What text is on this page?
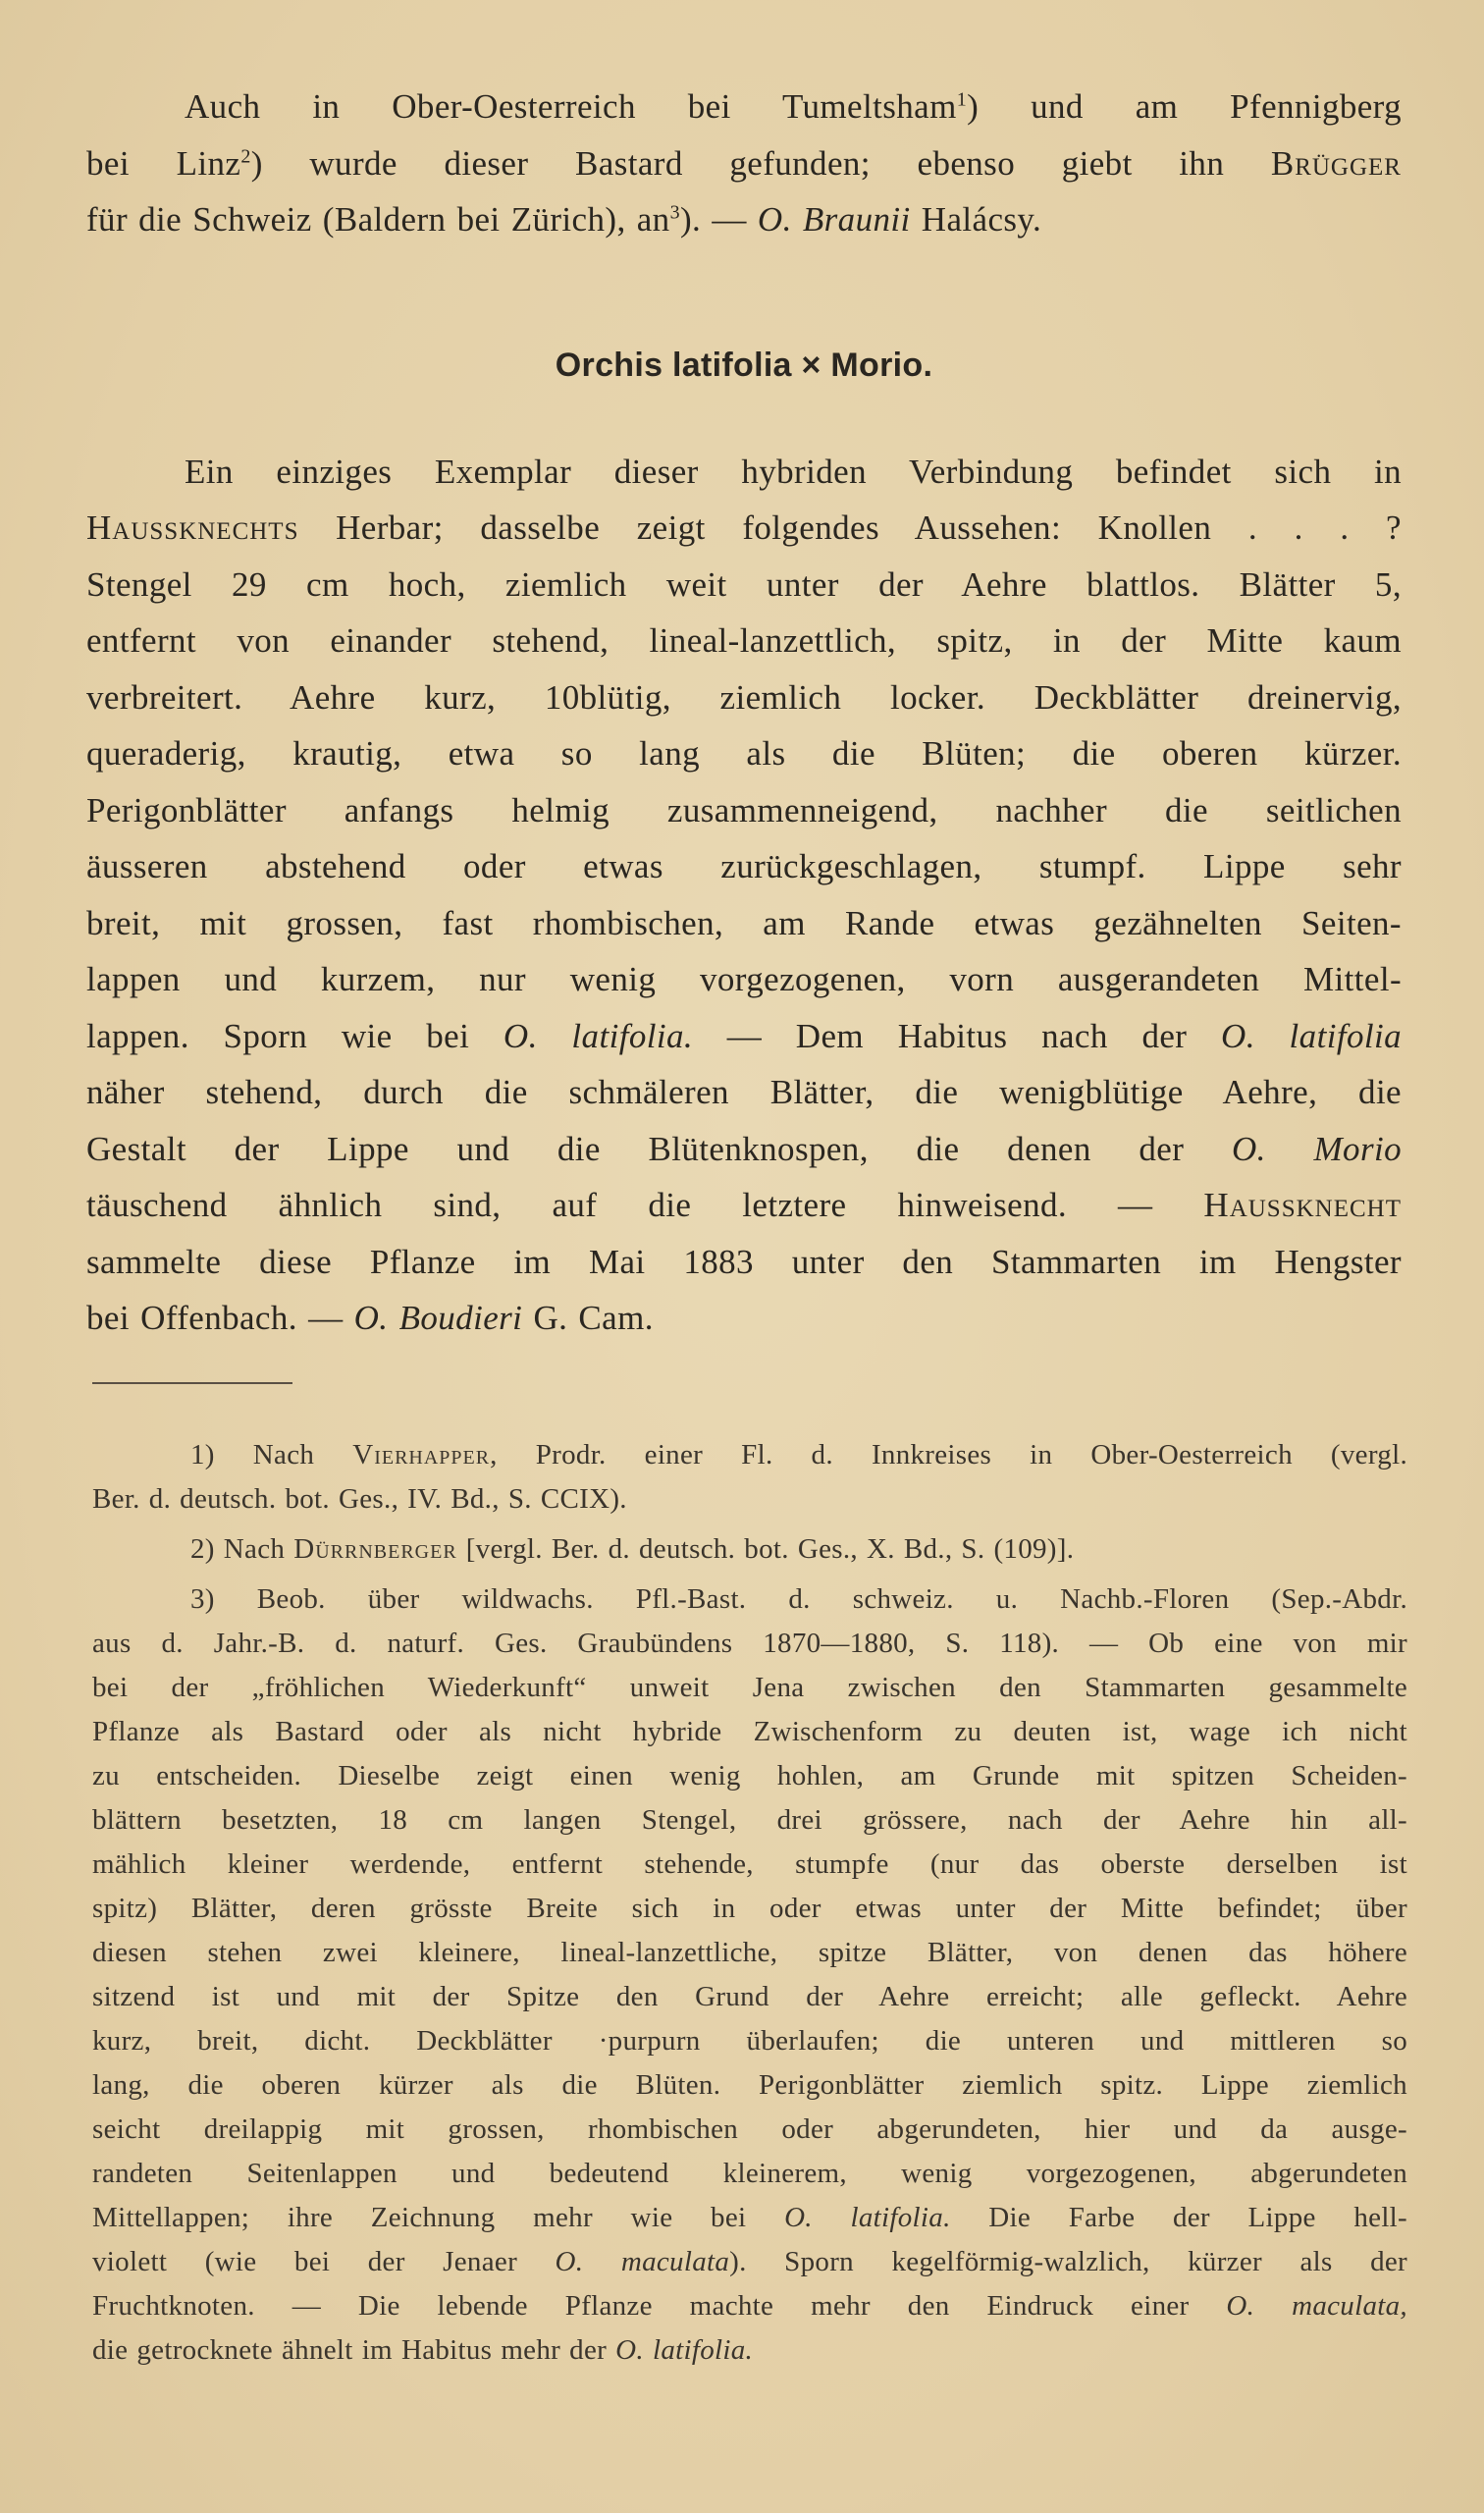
Auch in Ober-Oesterreich bei Tumeltsham$^1$) und am Pfennigberg
bei Linz$^2$) wurde dieser Bastard gefunden; ebenso giebt ihn Brügger
für die Schweiz (Baldern bei Zürich), $an^3$). — O. Braunii Halácsy.

Orchis latifolia × Morio.

Ein einziges Exemplar dieser hybriden Verbindung befindet sich in
Haussknechts Herbar; dasselbe zeigt folgendes Aussehen: Knollen . . . ?
Stengel 29 cm hoch, ziemlich weit unter der Aehre blattlos. Blätter 5,
entfernt von einander stehend, lineal-lanzettlich, spitz, in der Mitte kaum
verbreitert. Aehre kurz, 10blütig, ziemlich locker. Deckblätter dreinervig,
queraderig, krautig, etwa so lang als die Blüten; die oberen kürzer.
Perigonblätter anfangs helmig zusammenneigend, nachher die seitlichen
äusseren abstehend oder etwas zurückgeschlagen, stumpf. Lippe sehr
breit, mit grossen, fast rhombischen, am Rande etwas gezähnelten Seiten-
lappen und kurzem, nur wenig vorgezogenen, vorn ausgerandeten Mittel-
lappen. Sporn wie bei O. latifolia. — Dem Habitus nach der O. latifolia
näher stehend, durch die schmäleren Blätter, die wenigblütige Aehre, die
Gestalt der Lippe und die Blütenknospen, die denen der O. Morio
täuschend ähnlich sind, auf die letztere hinweisend. — Haussknecht
sammelte diese Pflanze im Mai 1883 unter den Stammarten im Hengster
bei Offenbach. — O. Boudieri G. Cam.

1) Nach Vierhapper, Prodr. einer Fl. d. Innkreises in Ober-Oesterreich (vergl.
Ber. d. deutsch. bot. Ges., IV. Bd., S. CCIX).

2) Nach Dürrnberger [vergl. Ber. d. deutsch. bot. Ges., X. Bd., S. (109)].

3) Beob. über wildwachs. Pfl.-Bast. d. schweiz. u. Nachb.-Floren (Sep.-Abdr.
aus d. Jahr.-B. d. naturf. Ges. Graubündens 1870—1880, S. 118). — Ob eine von mir
bei der „fröhlichen Wiederkunft“ unweit Jena zwischen den Stammarten gesammelte
Pflanze als Bastard oder als nicht hybride Zwischenform zu deuten ist, wage ich nicht
zu entscheiden. Dieselbe zeigt einen wenig hohlen, am Grunde mit spitzen Scheiden-
blättern besetzten, 18 cm langen Stengel, drei grössere, nach der Aehre hin all-
mählich kleiner werdende, entfernt stehende, stumpfe (nur das oberste derselben ist
spitz) Blätter, deren grösste Breite sich in oder etwas unter der Mitte befindet; über
diesen stehen zwei kleinere, lineal-lanzettliche, spitze Blätter, von denen das höhere
sitzend ist und mit der Spitze den Grund der Aehre erreicht; alle gefleckt. Aehre
kurz, breit, dicht. Deckblätter ·purpurn überlaufen; die unteren und mittleren so
lang, die oberen kürzer als die Blüten. Perigonblätter ziemlich spitz. Lippe ziemlich
seicht dreilappig mit grossen, rhombischen oder abgerundeten, hier und da ausge-
randeten Seitenlappen und bedeutend kleinerem, wenig vorgezogenen, abgerundeten
Mittellappen; ihre Zeichnung mehr wie bei O. latifolia. Die Farbe der Lippe hell-
violett (wie bei der Jenaer O. maculata). Sporn kegelförmig-walzlich, kürzer als der
Fruchtknoten. — Die lebende Pflanze machte mehr den Eindruck einer O. maculata,
die getrocknete ähnelt im Habitus mehr der O. latifolia.
